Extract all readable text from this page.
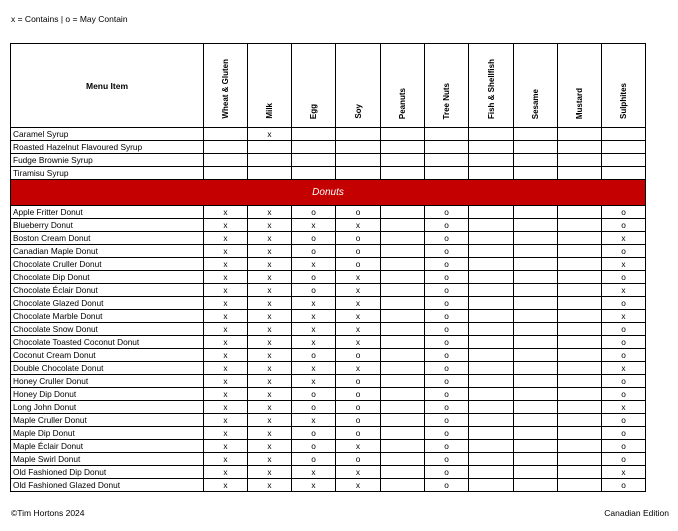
x = Contains | o = May Contain
Menu Item	Wheat & Gluten	Milk	Egg	Soy	Peanuts	Tree Nuts	Fish & Shellfish	Sesame	Mustard	Sulphites
Caramel Syrup		x								
Roasted Hazelnut Flavoured Syrup										
Fudge Brownie Syrup										
Tiramisu Syrup										
Donuts										
Apple Fritter Donut	x	x	o	o		o				o
Blueberry Donut	x	x	x	x		o				o
Boston Cream Donut	x	x	o	o		o				x
Canadian Maple Donut	x	x	o	o		o				o
Chocolate Cruller Donut	x	x	x	o		o				x
Chocolate Dip Donut	x	x	o	x		o				o
Chocolate Éclair Donut	x	x	o	x		o				x
Chocolate Glazed Donut	x	x	x	x		o				o
Chocolate Marble Donut	x	x	x	x		o				x
Chocolate Snow Donut	x	x	x	x		o				o
Chocolate Toasted Coconut Donut	x	x	x	x		o				o
Coconut Cream Donut	x	x	o	o		o				o
Double Chocolate Donut	x	x	x	x		o				x
Honey Cruller Donut	x	x	x	o		o				o
Honey Dip Donut	x	x	o	o		o				o
Long John Donut	x	x	o	o		o				x
Maple Cruller Donut	x	x	x	o		o				o
Maple Dip Donut	x	x	o	o		o				o
Maple Éclair Donut	x	x	o	x		o				o
Maple Swirl Donut	x	x	o	o		o				o
Old Fashioned Dip Donut	x	x	x	x		o				x
Old Fashioned Glazed Donut	x	x	x	x		o				o
©Tim Hortons 2024	Canadian Edition
